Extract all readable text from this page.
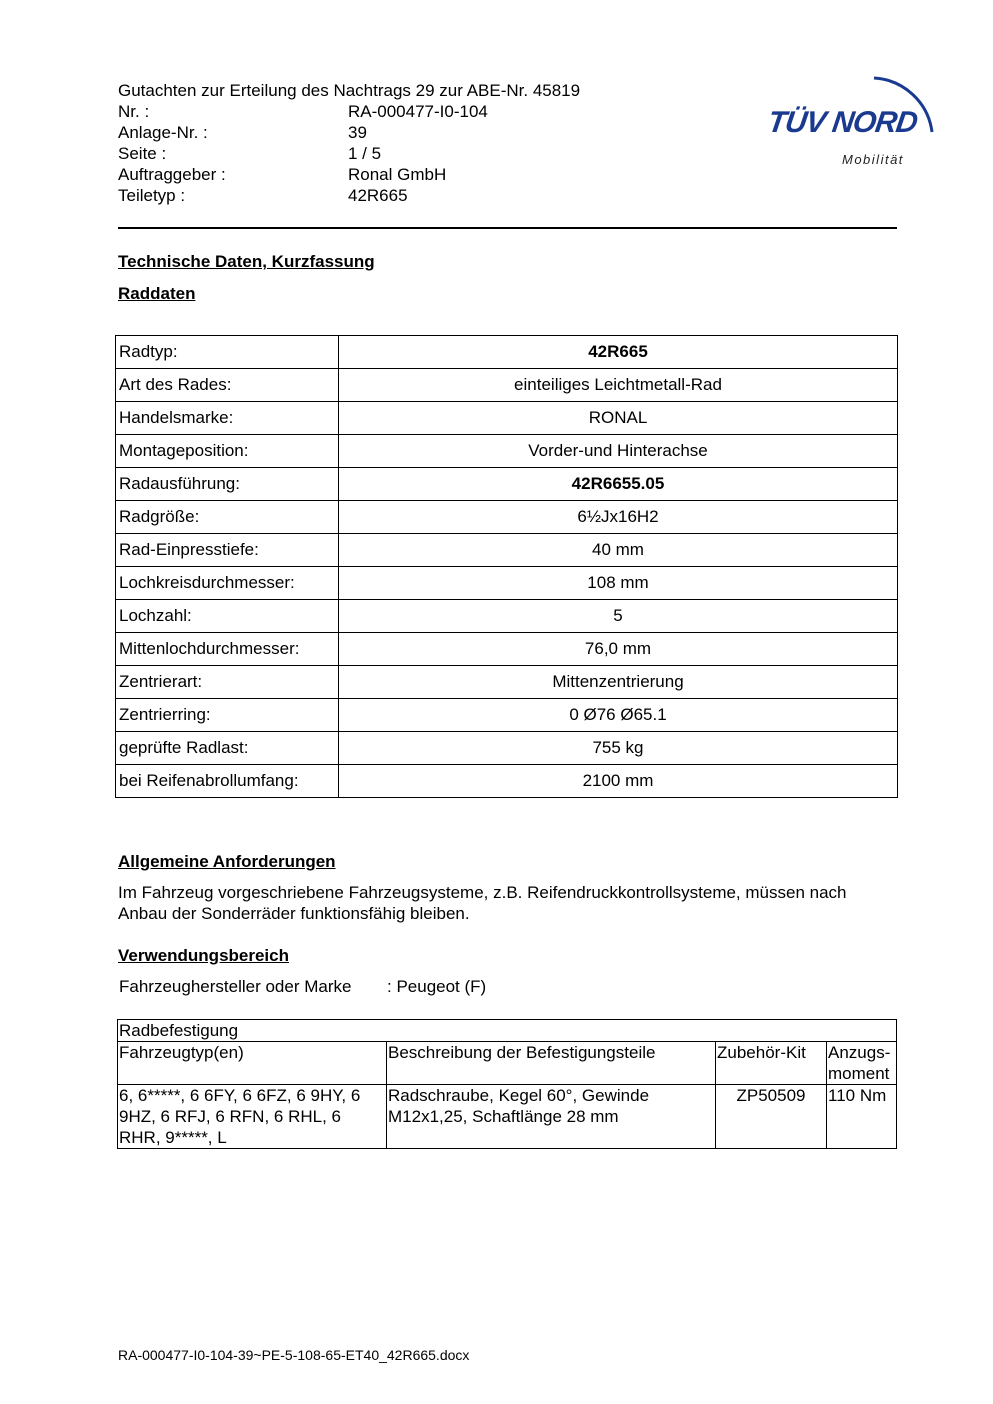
Gutachten zur Erteilung des Nachtrags 29 zur ABE-Nr. 45819
Nr. :	RA-000477-I0-104
Anlage-Nr. :	39
Seite :	1 / 5
Auftraggeber :	Ronal GmbH
Teiletyp :	42R665
TÜV NORD
Mobilität
Technische Daten, Kurzfassung
Raddaten
Radtyp:	42R665
Art des Rades:	einteiliges Leichtmetall-Rad
Handelsmarke:	RONAL
Montageposition:	Vorder-und Hinterachse
Radausführung:	42R6655.05
Radgröße:	6½Jx16H2
Rad-Einpresstiefe:	40 mm
Lochkreisdurchmesser:	108 mm
Lochzahl:	5
Mittenlochdurchmesser:	76,0 mm
Zentrierart:	Mittenzentrierung
Zentrierring:	0 Ø76 Ø65.1
geprüfte Radlast:	755 kg
bei Reifenabrollumfang:	2100 mm
Allgemeine Anforderungen
Im Fahrzeug vorgeschriebene Fahrzeugsysteme, z.B. Reifendruckkontrollsysteme, müssen nach Anbau der Sonderräder funktionsfähig bleiben.
Verwendungsbereich
Fahrzeughersteller oder Marke	: Peugeot (F)
Radbefestigung			
Fahrzeugtyp(en)	Beschreibung der Befestigungsteile	Zubehör-Kit	Anzugs-moment
6, 6*****, 6 6FY, 6 6FZ, 6 9HY, 6 9HZ, 6 RFJ, 6 RFN, 6 RHL, 6 RHR, 9*****, L	Radschraube, Kegel 60°, Gewinde M12x1,25, Schaftlänge 28 mm	ZP50509	110 Nm
RA-000477-I0-104-39~PE-5-108-65-ET40_42R665.docx
